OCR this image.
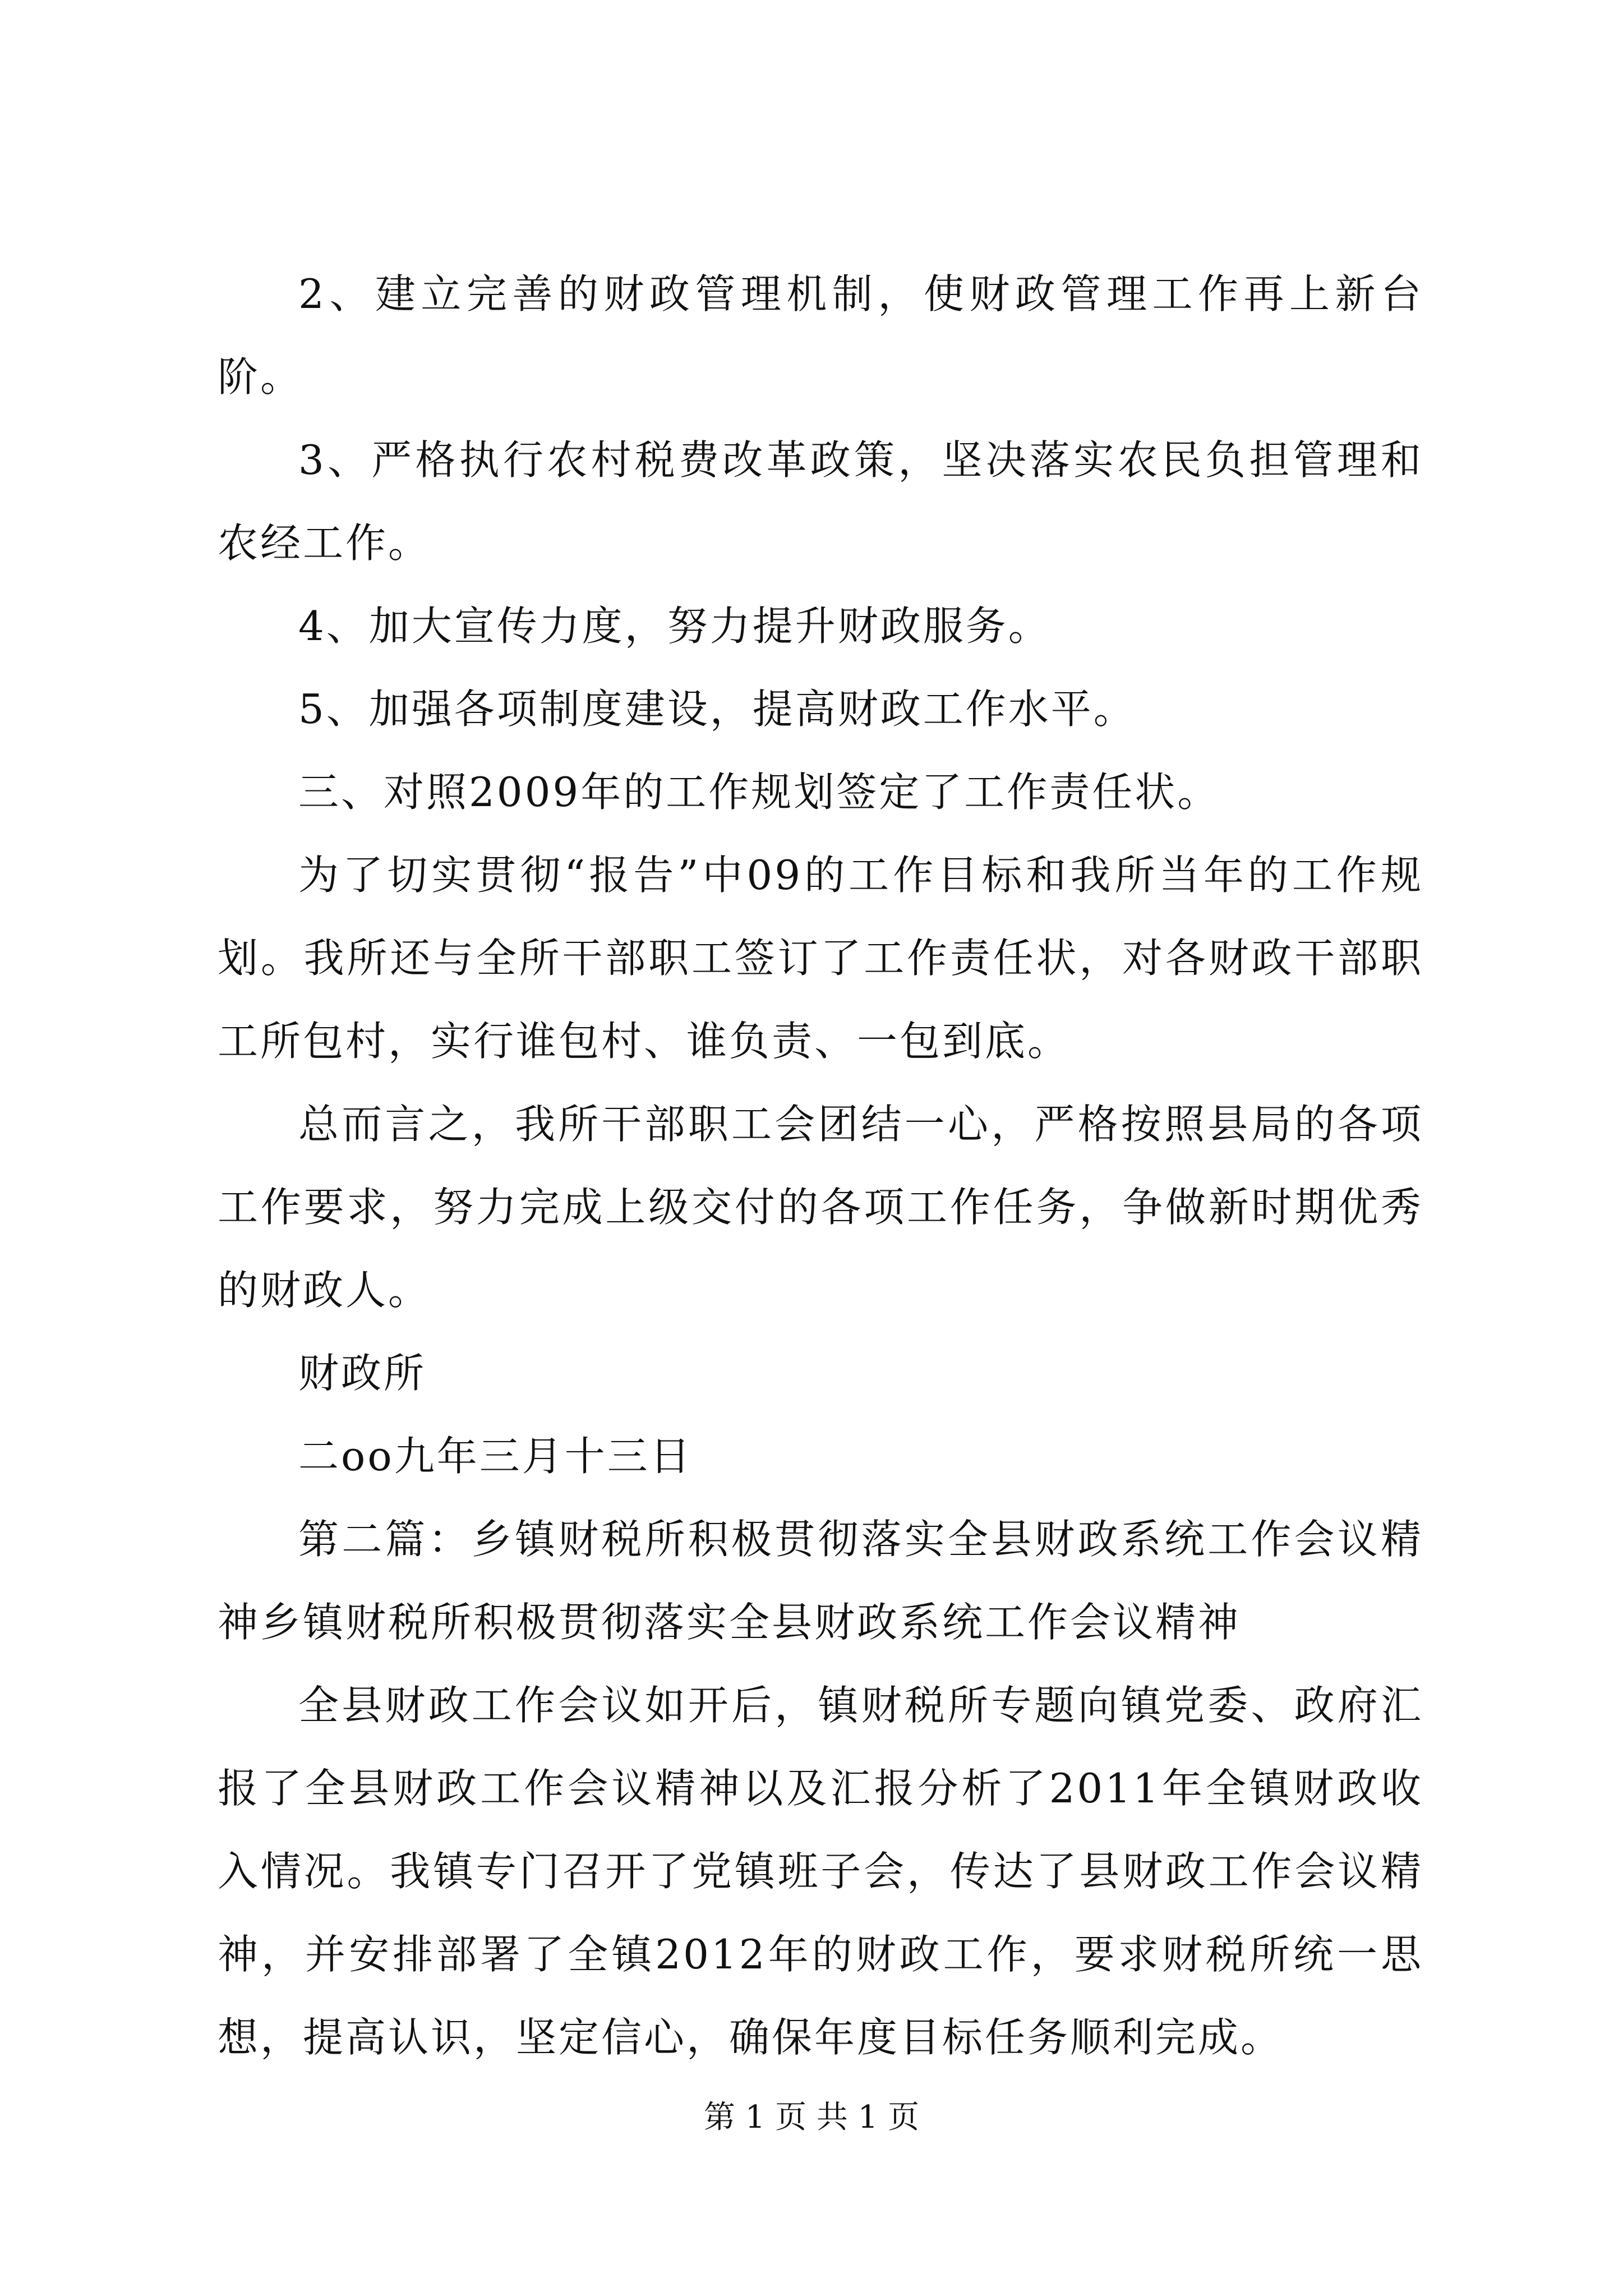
2、建立完善的财政管理机制，使财政管理工作再上新台阶。

3、严格执行农村税费改革政策，坚决落实农民负担管理和农经工作。

4、加大宣传力度，努力提升财政服务。

5、加强各项制度建设，提高财政工作水平。

三、对照2009年的工作规划签定了工作责任状。

为了切实贯彻“报告”中09的工作目标和我所当年的工作规划。我所还与全所干部职工签订了工作责任状，对各财政干部职工所包村，实行谁包村、谁负责、一包到底。

总而言之，我所干部职工会团结一心，严格按照县局的各项工作要求，努力完成上级交付的各项工作任务，争做新时期优秀的财政人。

财政所

二oo九年三月十三日

第二篇：乡镇财税所积极贯彻落实全县财政系统工作会议精神乡镇财税所积极贯彻落实全县财政系统工作会议精神

全县财政工作会议如开后，镇财税所专题向镇党委、政府汇报了全县财政工作会议精神以及汇报分析了2011年全镇财政收入情况。我镇专门召开了党镇班子会，传达了县财政工作会议精神，并安排部署了全镇2012年的财政工作，要求财税所统一思想，提高认识，坚定信心，确保年度目标任务顺利完成。

第 1 页 共 1 页
